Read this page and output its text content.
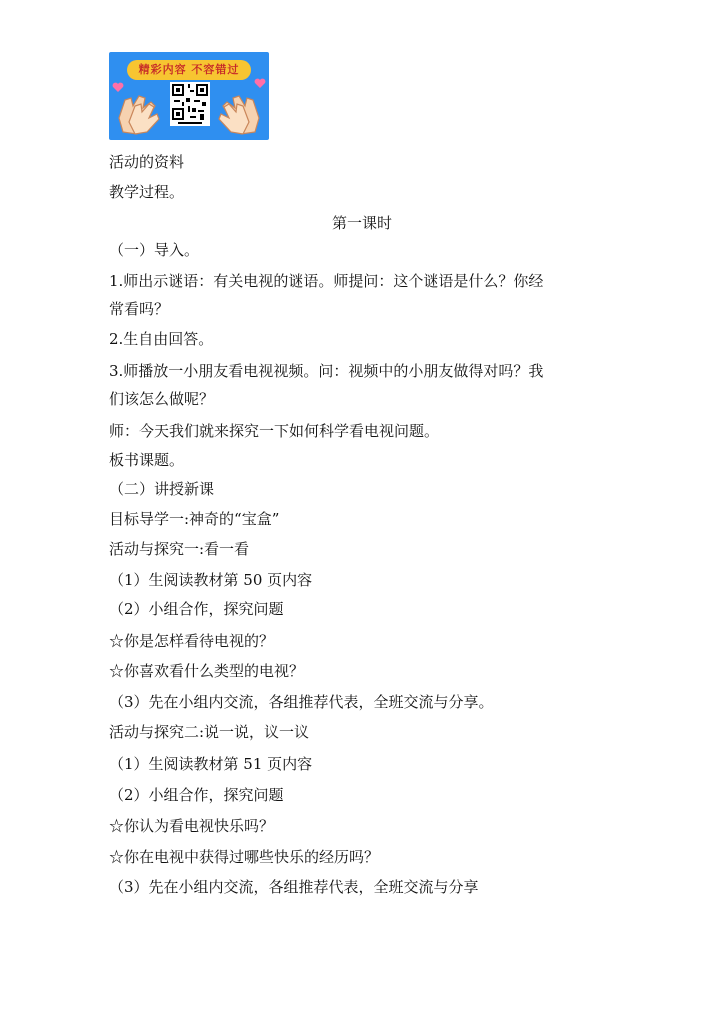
精彩内容 不容错过
活动的资料
教学过程。
第一课时
（一）导入。
1.师出示谜语：有关电视的谜语。师提问：这个谜语是什么？你经
常看吗？
2.生自由回答。
3.师播放一小朋友看电视视频。问：视频中的小朋友做得对吗？我
们该怎么做呢？
师：今天我们就来探究一下如何科学看电视问题。
板书课题。
（二）讲授新课
目标导学一:神奇的“宝盒”
活动与探究一:看一看
（1）生阅读教材第 50 页内容
（2）小组合作，探究问题
☆你是怎样看待电视的？
☆你喜欢看什么类型的电视？
（3）先在小组内交流，各组推荐代表，全班交流与分享。
活动与探究二:说一说，议一议
（1）生阅读教材第 51 页内容
（2）小组合作，探究问题
☆你认为看电视快乐吗？
☆你在电视中获得过哪些快乐的经历吗？
（3）先在小组内交流，各组推荐代表，全班交流与分享
